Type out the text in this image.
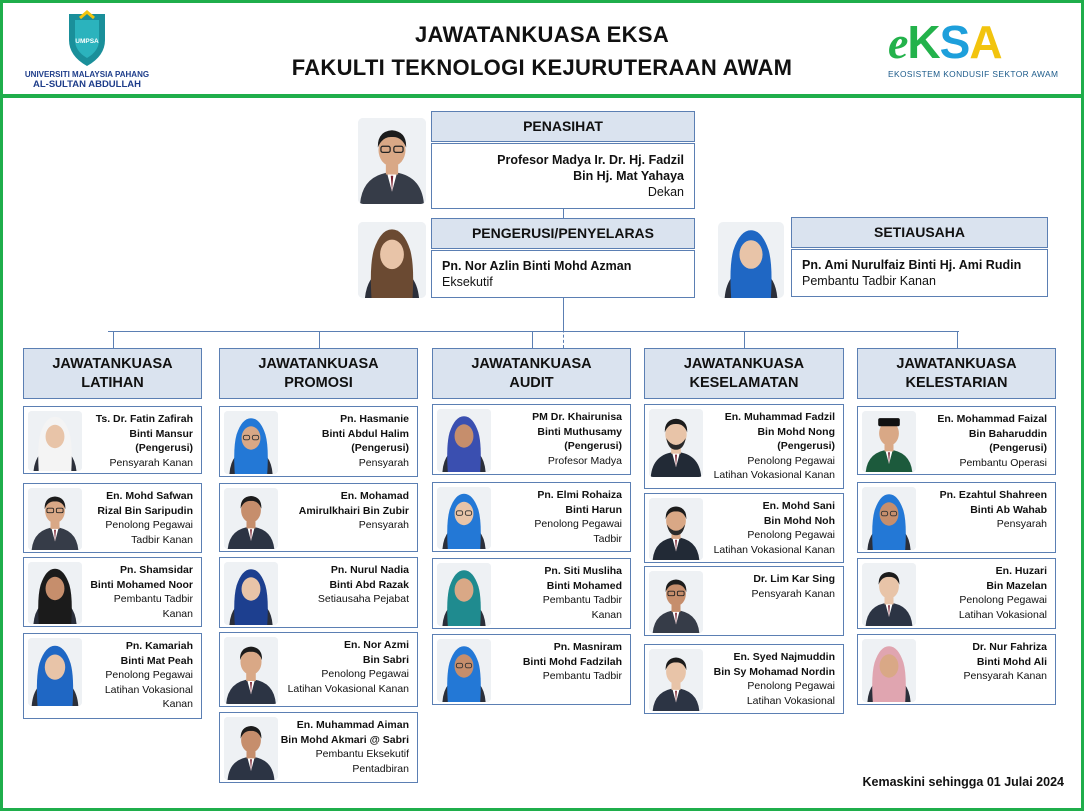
UMPSA
UNIVERSITI MALAYSIA PAHANG
AL-SULTAN ABDULLAH
JAWATANKUASA EKSA
FAKULTI TEKNOLOGI KEJURUTERAAN AWAM	eKSA
EKOSISTEM KONDUSIF SEKTOR AWAM
PENASIHAT
Profesor Madya Ir. Dr. Hj. Fadzil
Bin Hj. Mat Yahaya
Dekan
PENGERUSI/PENYELARAS
Pn. Nor Azlin Binti Mohd Azman
Eksekutif
SETIAUSAHA
Pn. Ami Nurulfaiz Binti Hj. Ami Rudin
Pembantu Tadbir Kanan
JAWATANKUASA
LATIHAN
Ts. Dr. Fatin Zafirah
Binti Mansur
(Pengerusi)
Pensyarah Kanan
En. Mohd Safwan
Rizal Bin Saripudin
Penolong Pegawai
Tadbir Kanan
Pn. Shamsidar
Binti Mohamed Noor
Pembantu Tadbir
Kanan
Pn. Kamariah
Binti Mat Peah
Penolong Pegawai
Latihan Vokasional
Kanan
JAWATANKUASA
PROMOSI
Pn. Hasmanie
Binti Abdul Halim
(Pengerusi)
Pensyarah
En. Mohamad
Amirulkhairi Bin Zubir
Pensyarah
Pn. Nurul Nadia
Binti Abd Razak
Setiausaha Pejabat
En. Nor Azmi
Bin Sabri
Penolong Pegawai
Latihan Vokasional Kanan
En. Muhammad Aiman
Bin Mohd Akmari @ Sabri
Pembantu Eksekutif
Pentadbiran
JAWATANKUASA
AUDIT
PM Dr. Khairunisa
Binti Muthusamy
(Pengerusi)
Profesor Madya
Pn. Elmi Rohaiza
Binti Harun
Penolong Pegawai
Tadbir
Pn. Siti Musliha
Binti Mohamed
Pembantu Tadbir
Kanan
Pn. Masniram
Binti Mohd Fadzilah
Pembantu Tadbir
JAWATANKUASA
KESELAMATAN
En. Muhammad Fadzil
Bin Mohd Nong
(Pengerusi)
Penolong Pegawai
Latihan Vokasional Kanan
En. Mohd Sani
Bin Mohd Noh
Penolong Pegawai
Latihan Vokasional Kanan
Dr. Lim Kar Sing
Pensyarah Kanan
En. Syed Najmuddin
Bin Sy Mohamad Nordin
Penolong Pegawai
Latihan Vokasional
JAWATANKUASA
KELESTARIAN
En. Mohammad Faizal
Bin Baharuddin
(Pengerusi)
Pembantu Operasi
Pn. Ezahtul Shahreen
Binti Ab Wahab
Pensyarah
En. Huzari
Bin Mazelan
Penolong Pegawai
Latihan Vokasional
Dr. Nur Fahriza
Binti Mohd Ali
Pensyarah Kanan
Kemaskini sehingga 01 Julai 2024
